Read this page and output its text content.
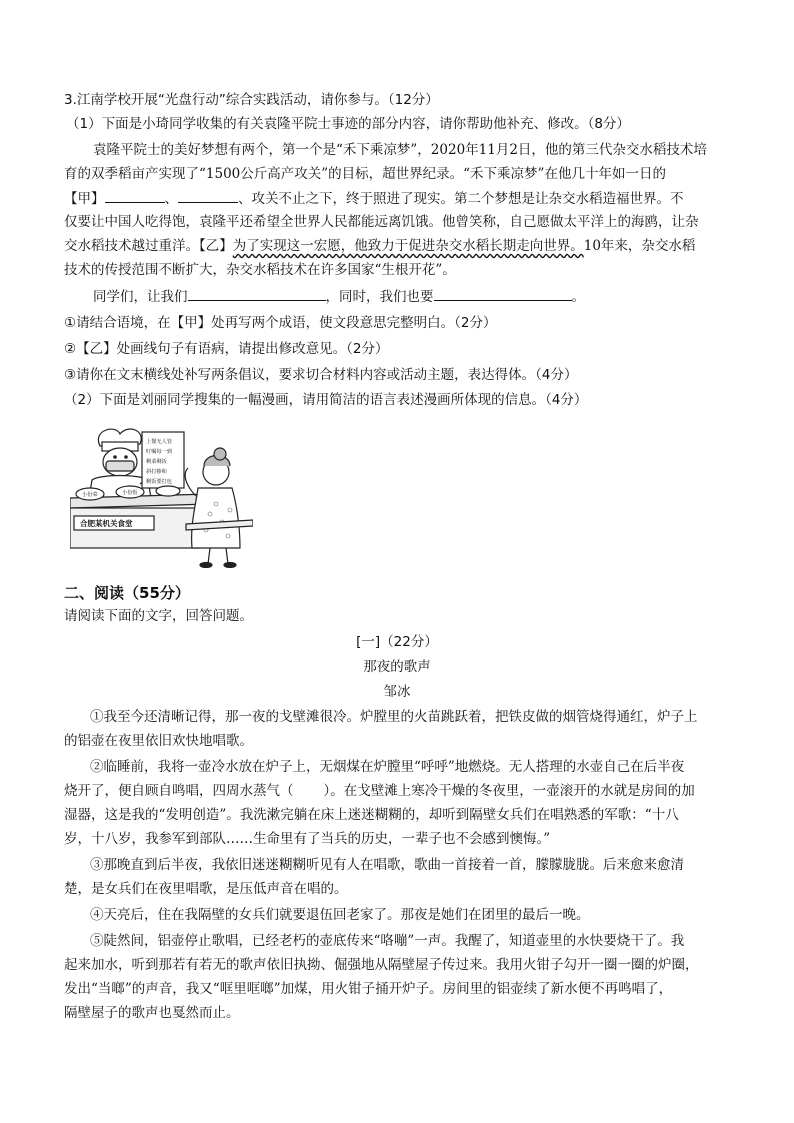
3.江南学校开展“光盘行动”综合实践活动，请你参与。（12分）
（1）下面是小琦同学收集的有关袁隆平院士事迹的部分内容，请你帮助他补充、修改。（8分）
袁隆平院士的美好梦想有两个，第一个是“禾下乘凉梦”，2020年11月2日，他的第三代杂交水稻技术培
育的双季稻亩产实现了“1500公斤高产攻关”的目标，超世界纪录。“禾下乘凉梦”在他几十年如一日的
【甲】	、	、攻关不止之下，终于照进了现实。第二个梦想是让杂交水稻造福世界。不
仅要让中国人吃得饱，袁隆平还希望全世界人民都能远离饥饿。他曾笑称，自己愿做太平洋上的海鸥，让杂
交水稻技术越过重洋。【乙】为了实现这一宏愿，他致力于促进杂交水稻长期走向世界。10年来，杂交水稻
技术的传授范围不断扩大，杂交水稻技术在许多国家“生根开花”。
同学们，让我们	，同时，我们也要	。
①请结合语境，在【甲】处再写两个成语，使文段意思完整明白。（2分）
②【乙】处画线句子有语病，请提出修改意见。（2分）
③请你在文末横线处补写两条倡议，要求切合材料内容或活动主题，表达得体。（4分）
（2）下面是刘丽同学搜集的一幅漫画，请用简洁的语言表述漫画所体现的信息。（4分）
上餐无人管
叮嘱每一到
剩菜剩饭
斜打掺和
剩饭要打包
小份菜	小份饭
合肥某机关食堂
二、阅读（55分）
请阅读下面的文字，回答问题。
[一]（22分）
那夜的歌声
邹冰
①我至今还清晰记得，那一夜的戈壁滩很冷。炉膛里的火苗跳跃着，把铁皮做的烟管烧得通红，炉子上
的铝壶在夜里依旧欢快地唱歌。
②临睡前，我将一壶冷水放在炉子上，无烟煤在炉膛里“呼呼”地燃烧。无人搭理的水壶自己在后半夜
烧开了，便自顾自鸣唱，四周水蒸气（ ）。在戈壁滩上寒冷干燥的冬夜里，一壶滚开的水就是房间的加
湿器，这是我的“发明创造”。我洗漱完躺在床上迷迷糊糊的，却听到隔壁女兵们在唱熟悉的军歌：“十八
岁，十八岁，我参军到部队……生命里有了当兵的历史，一辈子也不会感到懊悔。”
③那晚直到后半夜，我依旧迷迷糊糊听见有人在唱歌，歌曲一首接着一首，朦朦胧胧。后来愈来愈清
楚，是女兵们在夜里唱歌，是压低声音在唱的。
④天亮后，住在我隔壁的女兵们就要退伍回老家了。那夜是她们在团里的最后一晚。
⑤陡然间，铝壶停止歌唱，已经老朽的壶底传来“咯嘣”一声。我醒了，知道壶里的水快要烧干了。我
起来加水，听到那若有若无的歌声依旧执拗、倔强地从隔壁屋子传过来。我用火钳子勾开一圈一圈的炉圈，
发出“当啷”的声音，我又“哐里哐啷”加煤，用火钳子捅开炉子。房间里的铝壶续了新水便不再鸣唱了，
隔壁屋子的歌声也戛然而止。
